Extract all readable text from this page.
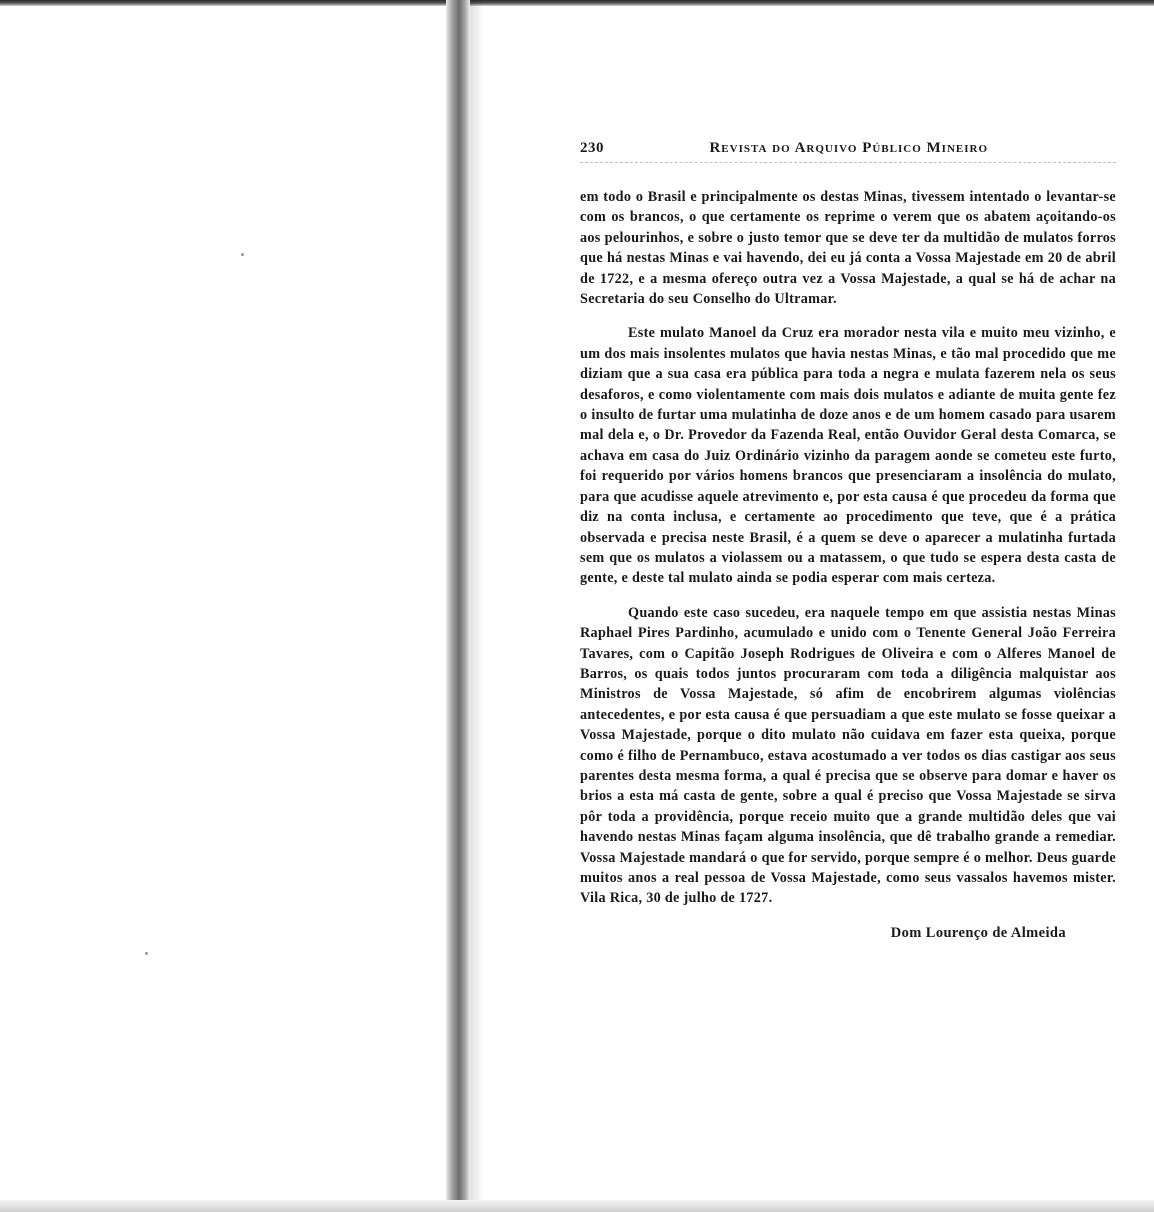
230	Revista do Arquivo Público Mineiro

em todo o Brasil e principalmente os destas Minas, tivessem intentado o levantar-se com os brancos, o que certamente os reprime o verem que os abatem açoitando-os aos pelourinhos, e sobre o justo temor que se deve ter da multidão de mulatos forros que há nestas Minas e vai havendo, dei eu já conta a Vossa Majestade em 20 de abril de 1722, e a mesma ofereço outra vez a Vossa Majestade, a qual se há de achar na Secretaria do seu Conselho do Ultramar.

Este mulato Manoel da Cruz era morador nesta vila e muito meu vizinho, e um dos mais insolentes mulatos que havia nestas Minas, e tão mal procedido que me diziam que a sua casa era pública para toda a negra e mulata fazerem nela os seus desaforos, e como violentamente com mais dois mulatos e adiante de muita gente fez o insulto de furtar uma mulatinha de doze anos e de um homem casado para usarem mal dela e, o Dr. Provedor da Fazenda Real, então Ouvidor Geral desta Comarca, se achava em casa do Juiz Ordinário vizinho da paragem aonde se cometeu este furto, foi requerido por vários homens brancos que presenciaram a insolência do mulato, para que acudisse aquele atrevimento e, por esta causa é que procedeu da forma que diz na conta inclusa, e certamente ao procedimento que teve, que é a prática observada e precisa neste Brasil, é a quem se deve o aparecer a mulatinha furtada sem que os mulatos a violassem ou a matassem, o que tudo se espera desta casta de gente, e deste tal mulato ainda se podia esperar com mais certeza.

Quando este caso sucedeu, era naquele tempo em que assistia nestas Minas Raphael Pires Pardinho, acumulado e unido com o Tenente General João Ferreira Tavares, com o Capitão Joseph Rodrigues de Oliveira e com o Alferes Manoel de Barros, os quais todos juntos procuraram com toda a diligência malquistar aos Ministros de Vossa Majestade, só afim de encobrirem algumas violências antecedentes, e por esta causa é que persuadiam a que este mulato se fosse queixar a Vossa Majestade, porque o dito mulato não cuidava em fazer esta queixa, porque como é filho de Pernambuco, estava acostumado a ver todos os dias castigar aos seus parentes desta mesma forma, a qual é precisa que se observe para domar e haver os brios a esta má casta de gente, sobre a qual é preciso que Vossa Majestade se sirva pôr toda a providência, porque receio muito que a grande multidão deles que vai havendo nestas Minas façam alguma insolência, que dê trabalho grande a remediar. Vossa Majestade mandará o que for servido, porque sempre é o melhor. Deus guarde muitos anos a real pessoa de Vossa Majestade, como seus vassalos havemos mister. Vila Rica, 30 de julho de 1727.

Dom Lourenço de Almeida
